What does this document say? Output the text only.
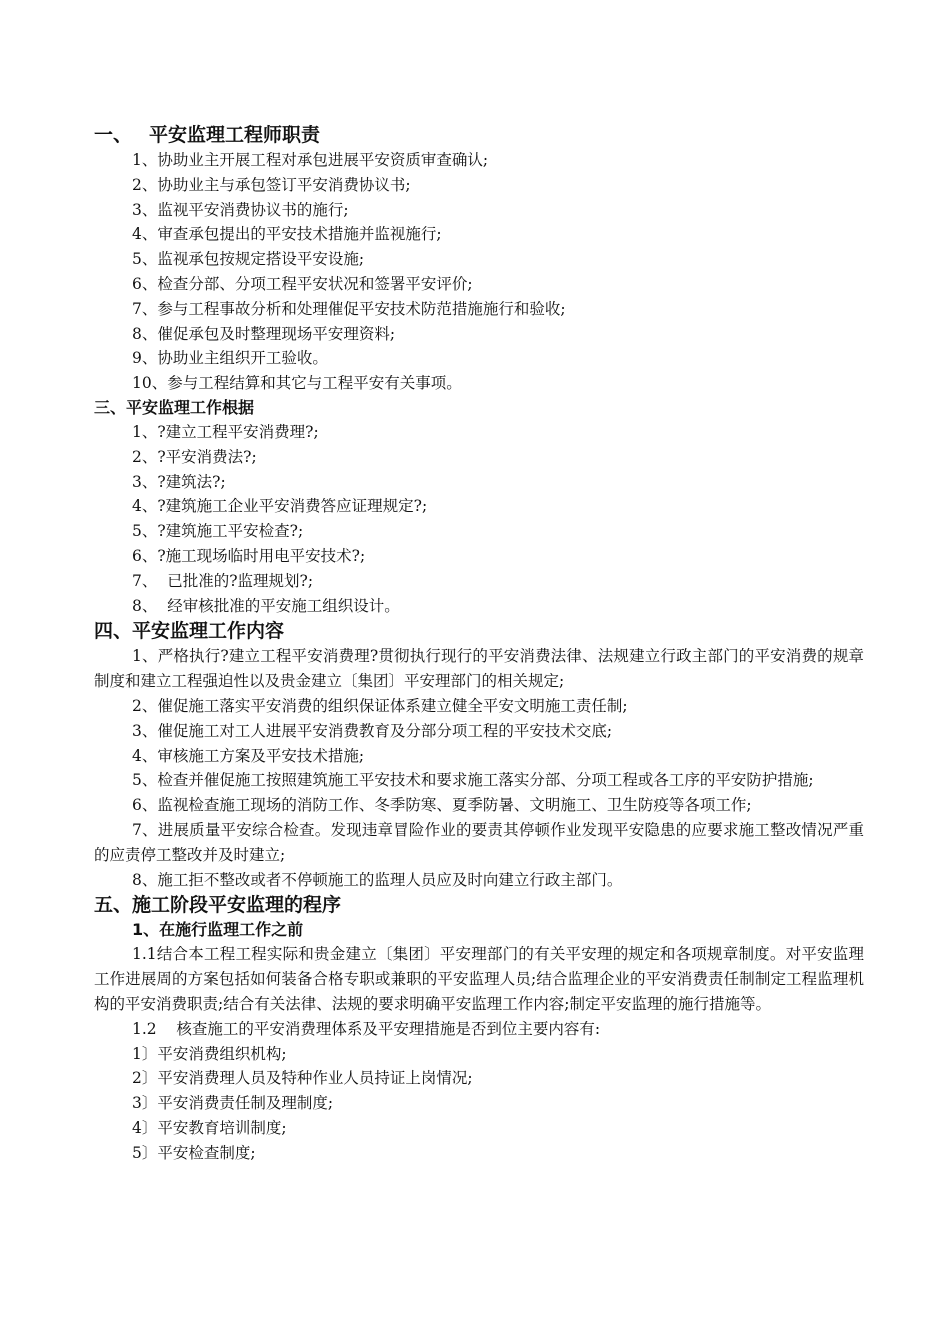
一、 平安监理工程师职责

1、协助业主开展工程对承包进展平安资质审查确认;

2、协助业主与承包签订平安消费协议书;

3、监视平安消费协议书的施行;

4、审查承包提出的平安技术措施并监视施行;

5、监视承包按规定搭设平安设施;

6、检查分部、分项工程平安状况和签署平安评价;

7、参与工程事故分析和处理催促平安技术防范措施施行和验收;

8、催促承包及时整理现场平安理资料;

9、协助业主组织开工验收。

10、参与工程结算和其它与工程平安有关事项。

三、平安监理工作根据

1、?建立工程平安消费理?;

2、?平安消费法?;

3、?建筑法?;

4、?建筑施工企业平安消费答应证理规定?;

5、?建筑施工平安检查?;

6、?施工现场临时用电平安技术?;

7、  已批准的?监理规划?;

8、  经审核批准的平安施工组织设计。

四、平安监理工作内容

1、严格执行?建立工程平安消费理?贯彻执行现行的平安消费法律、法规建立行政主部门的平安消费的规章制度和建立工程强迫性以及贵金建立〔集团〕平安理部门的相关规定;

2、催促施工落实平安消费的组织保证体系建立健全平安文明施工责任制;

3、催促施工对工人进展平安消费教育及分部分项工程的平安技术交底;

4、审核施工方案及平安技术措施;

5、检查并催促施工按照建筑施工平安技术和要求施工落实分部、分项工程或各工序的平安防护措施;

6、监视检查施工现场的消防工作、冬季防寒、夏季防暑、文明施工、卫生防疫等各项工作;

7、进展质量平安综合检查。发现违章冒险作业的要责其停顿作业发现平安隐患的应要求施工整改情况严重的应责停工整改并及时建立;

8、施工拒不整改或者不停顿施工的监理人员应及时向建立行政主部门。

五、施工阶段平安监理的程序
1、在施行监理工作之前

1.1结合本工程工程实际和贵金建立〔集团〕平安理部门的有关平安理的规定和各项规章制度。对平安监理工作进展周的方案包括如何装备合格专职或兼职的平安监理人员;结合监理企业的平安消费责任制制定工程监理机构的平安消费职责;结合有关法律、法规的要求明确平安监理工作内容;制定平安监理的施行措施等。

1.2    核查施工的平安消费理体系及平安理措施是否到位主要内容有:

1〕平安消费组织机构;

2〕平安消费理人员及特种作业人员持证上岗情况;

3〕平安消费责任制及理制度;

4〕平安教育培训制度;

5〕平安检查制度;
